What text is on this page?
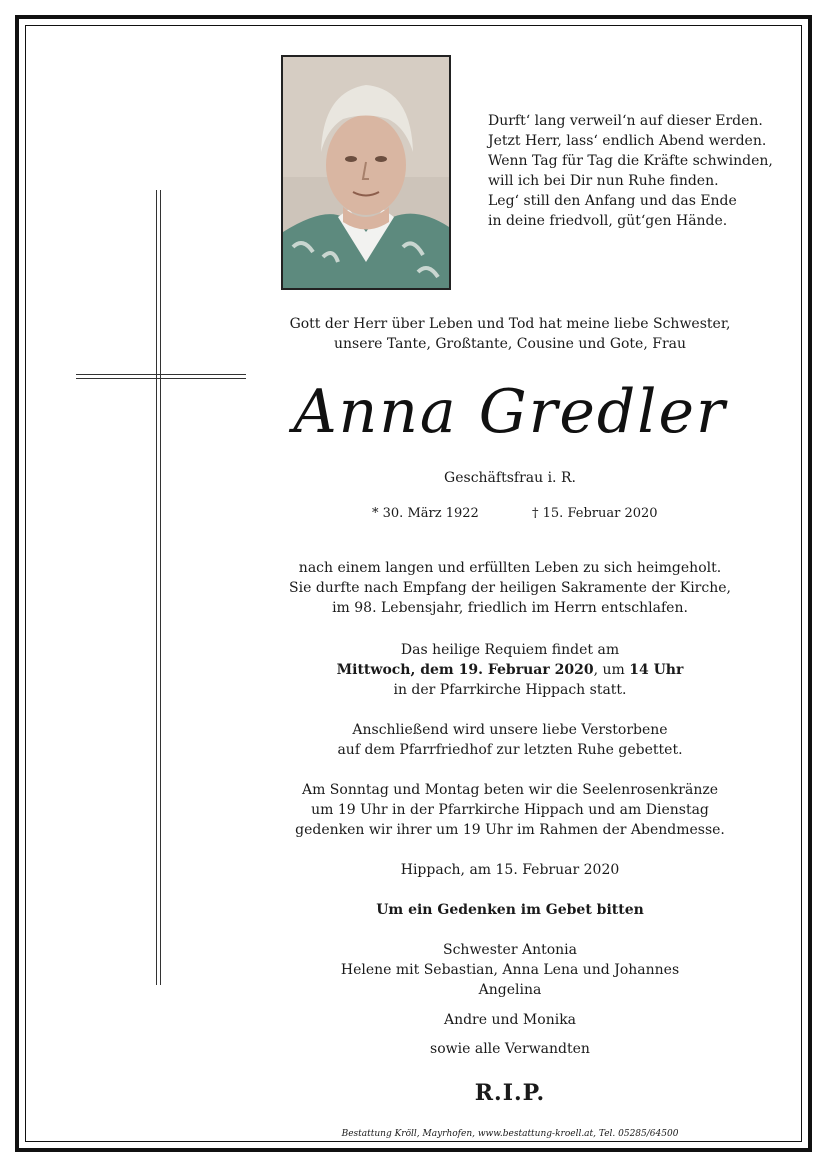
Durft‘ lang verweil‘n auf dieser Erden.
Jetzt Herr, lass‘ endlich Abend werden.
Wenn Tag für Tag die Kräfte schwinden,
will ich bei Dir nun Ruhe finden.
Leg‘ still den Anfang und das Ende
in deine friedvoll, güt‘gen Hände.
Gott der Herr über Leben und Tod hat meine liebe Schwester,
unsere Tante, Großtante, Cousine und Gote, Frau
Anna Gredler
Geschäftsfrau i. R.
* 30. März 1922	† 15. Februar 2020
nach einem langen und erfüllten Leben zu sich heimgeholt.
Sie durfte nach Empfang der heiligen Sakramente der Kirche,
im 98. Lebensjahr, friedlich im Herrn entschlafen.
Das heilige Requiem findet am
Mittwoch, dem 19. Februar 2020, um 14 Uhr
in der Pfarrkirche Hippach statt.
Anschließend wird unsere liebe Verstorbene
auf dem Pfarrfriedhof zur letzten Ruhe gebettet.
Am Sonntag und Montag beten wir die Seelenrosenkränze
um 19 Uhr in der Pfarrkirche Hippach und am Dienstag
gedenken wir ihrer um 19 Uhr im Rahmen der Abendmesse.
Hippach, am 15. Februar 2020
Um ein Gedenken im Gebet bitten
Schwester Antonia
Helene mit Sebastian, Anna Lena und Johannes
Angelina
Andre und Monika
sowie alle Verwandten
R.I.P.
Bestattung Kröll, Mayrhofen, www.bestattung-kroell.at, Tel. 05285/64500
